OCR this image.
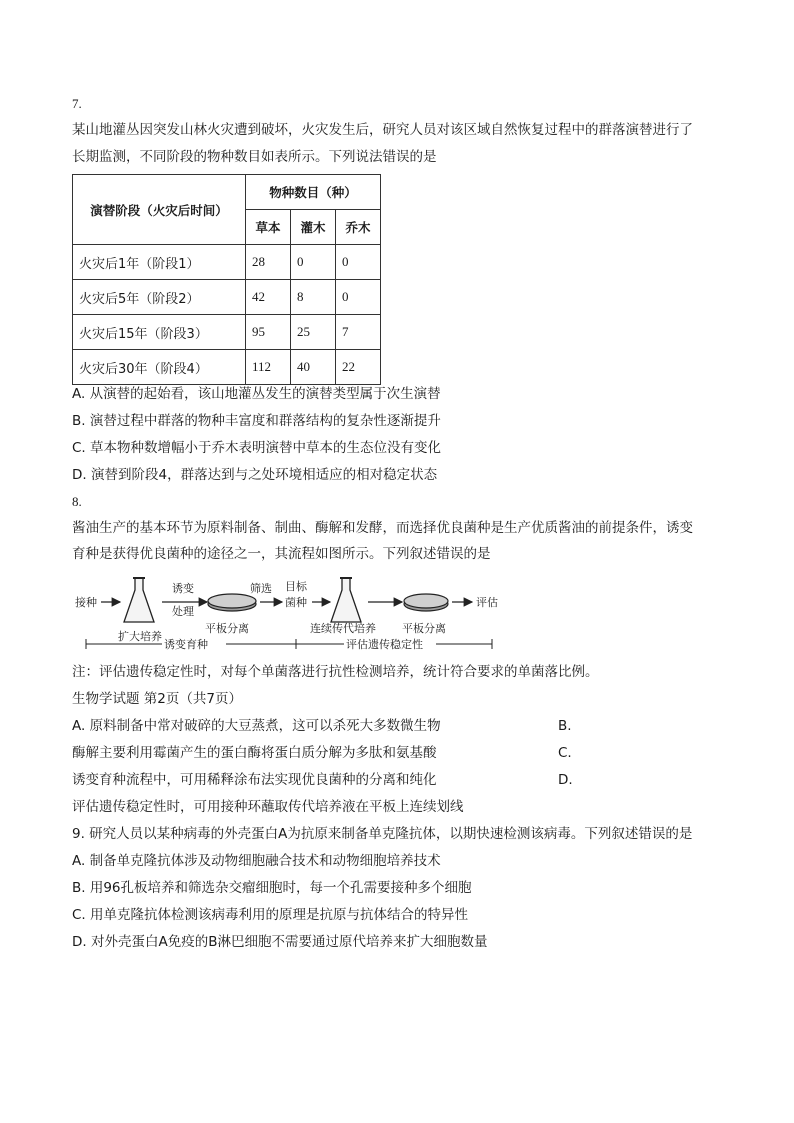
7.
某山地灌丛因突发山林火灾遭到破坏，火灾发生后，研究人员对该区域自然恢复过程中的群落演替进行了
长期监测，不同阶段的物种数目如表所示。下列说法错误的是
演替阶段（火灾后时间）	物种数目（种）		
	草本	灌木	乔木
火灾后1年（阶段1）	28	0	0
火灾后5年（阶段2）	42	8	0
火灾后15年（阶段3）	95	25	7
火灾后30年（阶段4）	112	40	22
A. 从演替的起始看，该山地灌丛发生的演替类型属于次生演替
B. 演替过程中群落的物种丰富度和群落结构的复杂性逐渐提升
C. 草本物种数增幅小于乔木表明演替中草本的生态位没有变化
D. 演替到阶段4，群落达到与之处环境相适应的相对稳定状态
8.
酱油生产的基本环节为原料制备、制曲、酶解和发酵，而选择优良菌种是生产优质酱油的前提条件，诱变
育种是获得优良菌种的途径之一，其流程如图所示。下列叙述错误的是
接种
扩大培养
诱变
处理
平板分离
筛选 目标
菌种
连续传代培养 平板分离
评估
诱变育种	评估遗传稳定性
注：评估遗传稳定性时，对每个单菌落进行抗性检测培养，统计符合要求的单菌落比例。
生物学试题 第2页（共7页）
A. 原料制备中常对破碎的大豆蒸煮，这可以杀死大多数微生物	B.
酶解主要利用霉菌产生的蛋白酶将蛋白质分解为多肽和氨基酸	C.
诱变育种流程中，可用稀释涂布法实现优良菌种的分离和纯化	D.
评估遗传稳定性时，可用接种环蘸取传代培养液在平板上连续划线
9. 研究人员以某种病毒的外壳蛋白A为抗原来制备单克隆抗体，以期快速检测该病毒。下列叙述错误的是
A. 制备单克隆抗体涉及动物细胞融合技术和动物细胞培养技术
B. 用96孔板培养和筛选杂交瘤细胞时，每一个孔需要接种多个细胞
C. 用单克隆抗体检测该病毒利用的原理是抗原与抗体结合的特异性
D. 对外壳蛋白A免疫的B淋巴细胞不需要通过原代培养来扩大细胞数量
